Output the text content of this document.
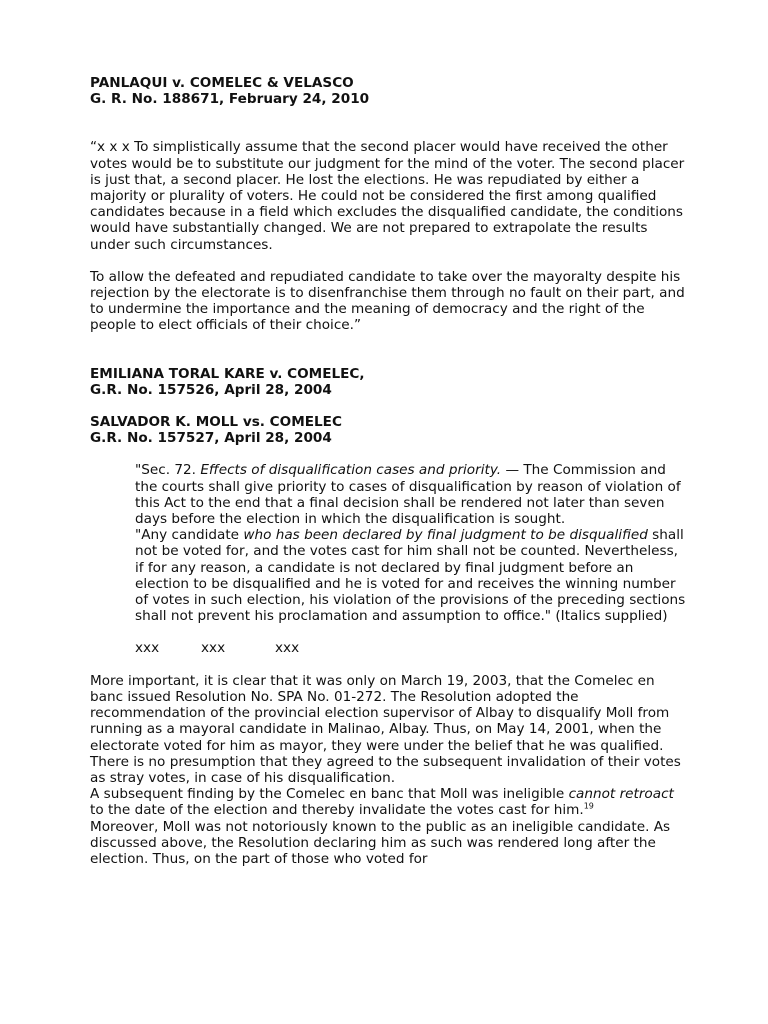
PANLAQUI v. COMELEC & VELASCO

G. R. No. 188671, February 24, 2010

“x x x To simplistically assume that the second placer would have received the other votes would be to substitute our judgment for the mind of the voter. The second placer is just that, a second placer. He lost the elections. He was repudiated by either a majority or plurality of voters. He could not be considered the first among qualified candidates because in a field which excludes the disqualified candidate, the conditions would have substantially changed. We are not prepared to extrapolate the results under such circumstances.

To allow the defeated and repudiated candidate to take over the mayoralty despite his rejection by the electorate is to disenfranchise them through no fault on their part, and to undermine the importance and the meaning of democracy and the right of the people to elect officials of their choice.”

EMILIANA TORAL KARE v. COMELEC,

G.R. No. 157526, April 28, 2004

SALVADOR K. MOLL vs. COMELEC

G.R. No. 157527, April 28, 2004

"Sec. 72. Effects of disqualification cases and priority. — The Commission and the courts shall give priority to cases of disqualification by reason of violation of this Act to the end that a final decision shall be rendered not later than seven days before the election in which the disqualification is sought.

"Any candidate who has been declared by final judgment to be disqualified shall not be voted for, and the votes cast for him shall not be counted. Nevertheless, if for any reason, a candidate is not declared by final judgment before an election to be disqualified and he is voted for and receives the winning number of votes in such election, his violation of the provisions of the preceding sections shall not prevent his proclamation and assumption to office." (Italics supplied)

xxx	xxx	xxx

More important, it is clear that it was only on March 19, 2003, that the Comelec en banc issued Resolution No. SPA No. 01-272. The Resolution adopted the recommendation of the provincial election supervisor of Albay to disqualify Moll from running as a mayoral candidate in Malinao, Albay. Thus, on May 14, 2001, when the electorate voted for him as mayor, they were under the belief that he was qualified. There is no presumption that they agreed to the subsequent invalidation of their votes as stray votes, in case of his disqualification.

A subsequent finding by the Comelec en banc that Moll was ineligible cannot retroact to the date of the election and thereby invalidate the votes cast for him.$^{19}$

Moreover, Moll was not notoriously known to the public as an ineligible candidate. As discussed above, the Resolution declaring him as such was rendered long after the election. Thus, on the part of those who voted for
